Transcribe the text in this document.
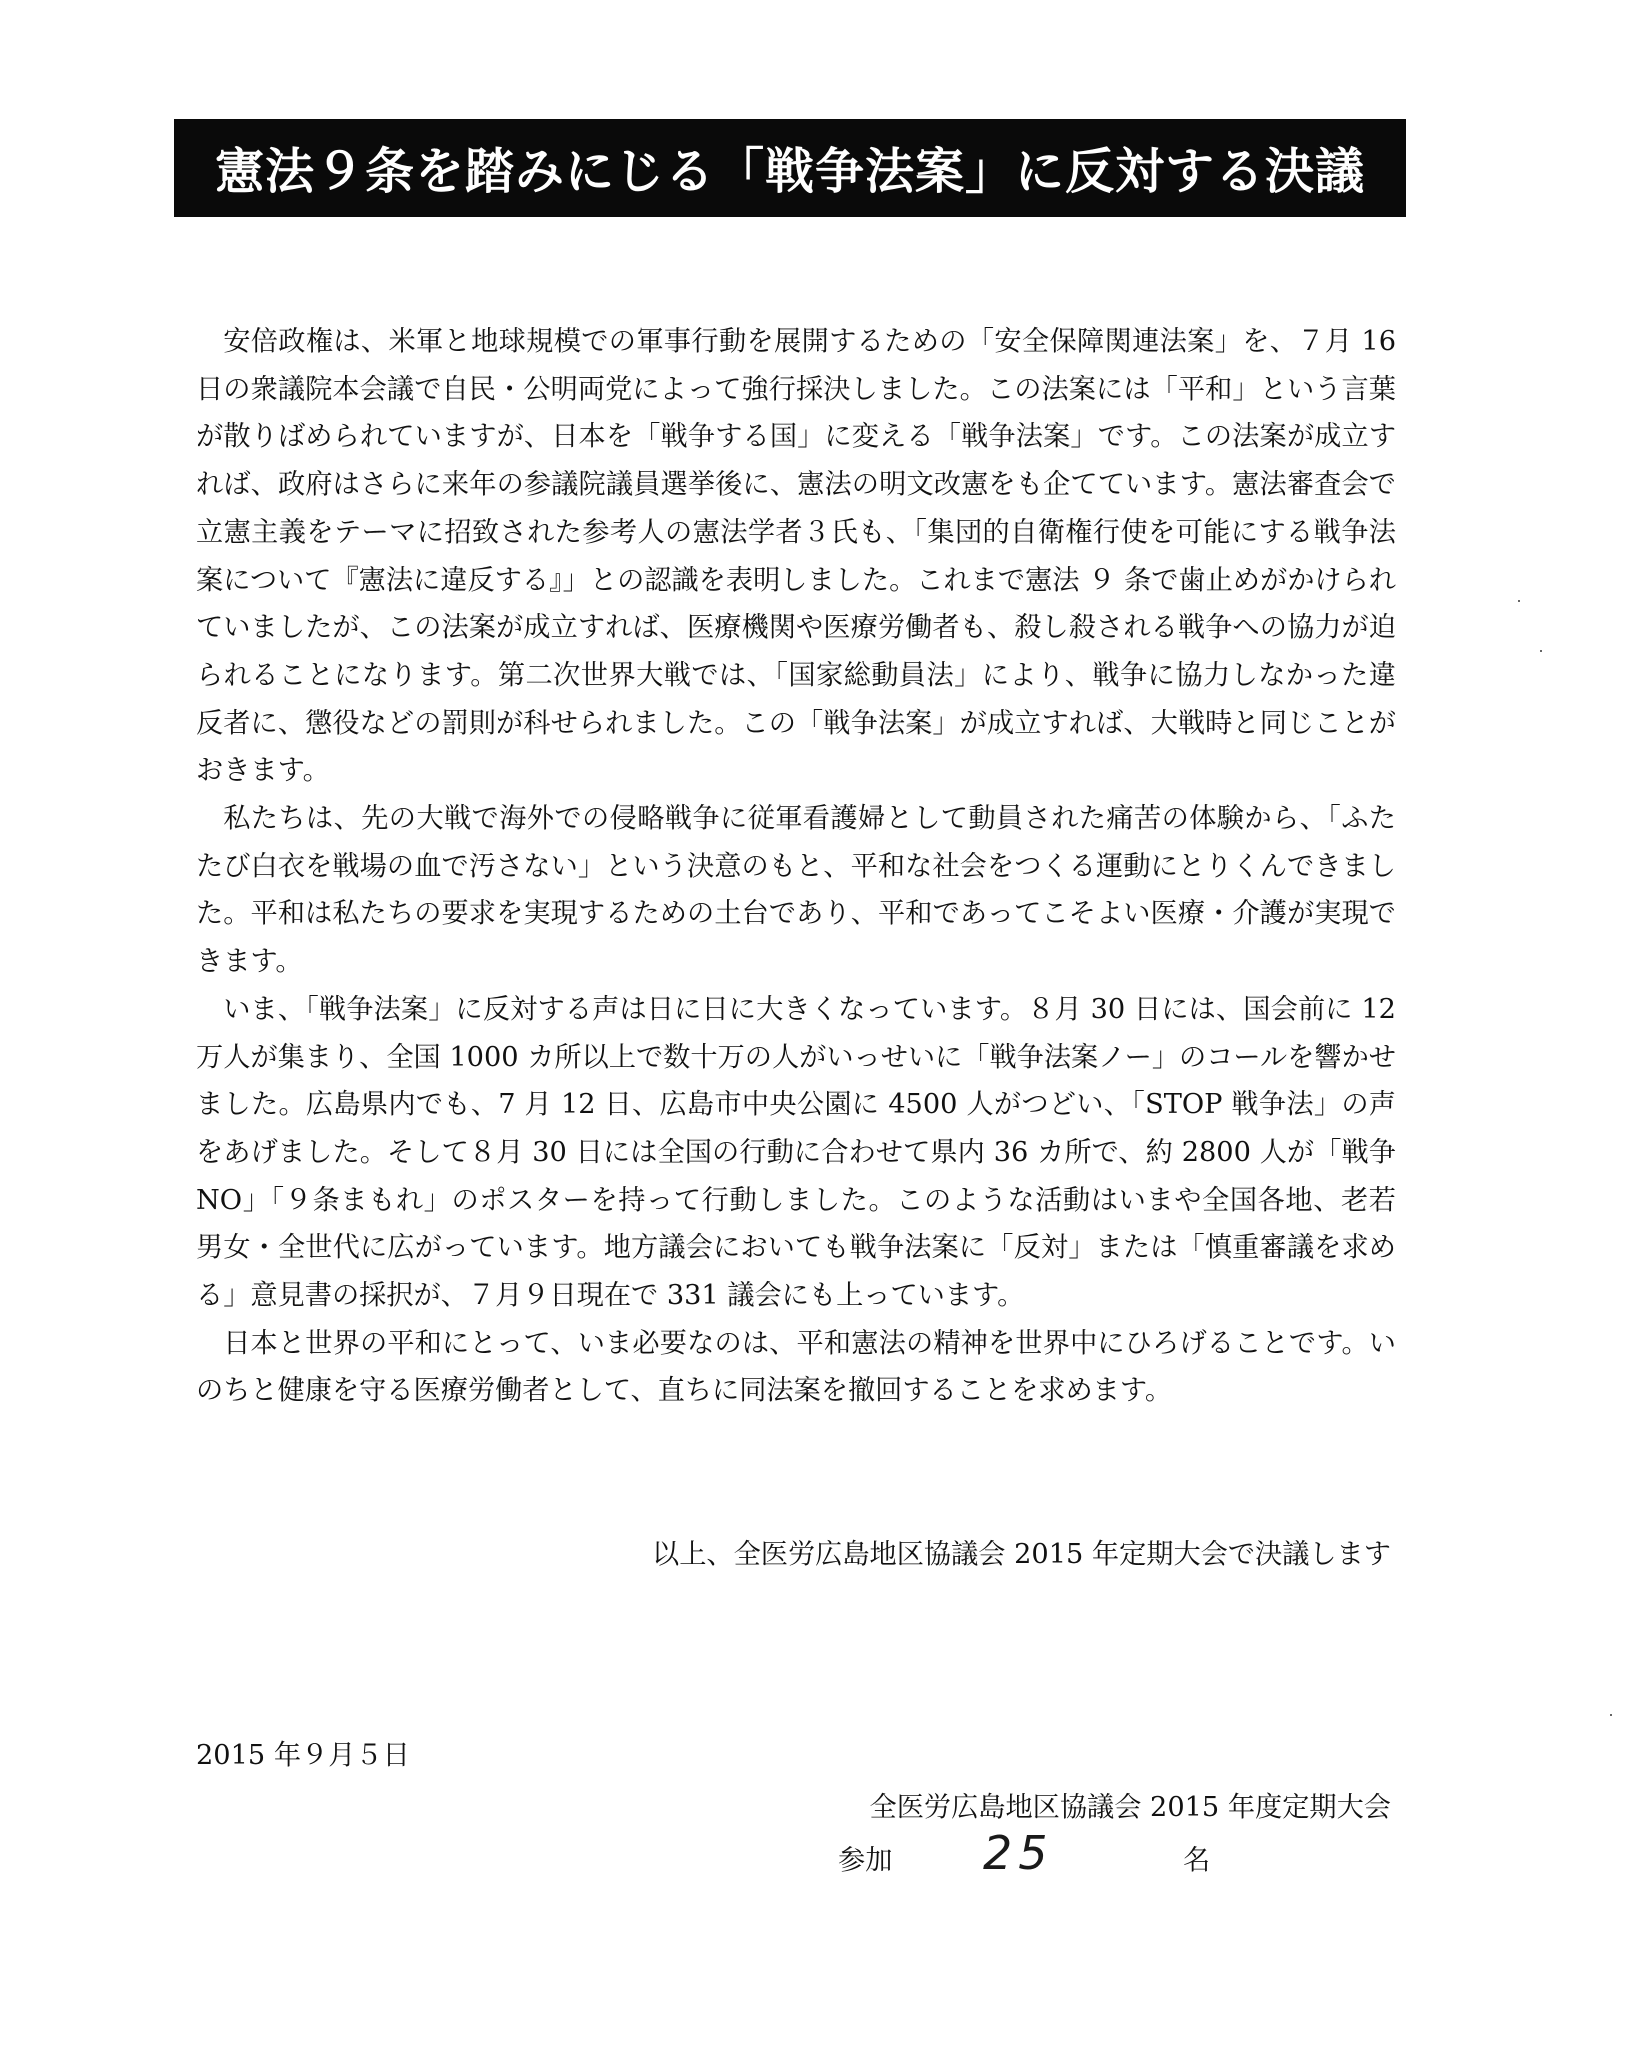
憲法９条を踏みにじる「戦争法案」に反対する決議

安倍政権は、米軍と地球規模での軍事行動を展開するための「安全保障関連法案」を、７月 16 日の衆議院本会議で自民・公明両党によって強行採決しました。この法案には「平和」という言葉が散りばめられていますが、日本を「戦争する国」に変える「戦争法案」です。この法案が成立すれば、政府はさらに来年の参議院議員選挙後に、憲法の明文改憲をも企てています。憲法審査会で立憲主義をテーマに招致された参考人の憲法学者３氏も、「集団的自衛権行使を可能にする戦争法案について『憲法に違反する』」との認識を表明しました。これまで憲法 ９ 条で歯止めがかけられていましたが、この法案が成立すれば、医療機関や医療労働者も、殺し殺される戦争への協力が迫られることになります。第二次世界大戦では、「国家総動員法」により、戦争に協力しなかった違反者に、懲役などの罰則が科せられました。この「戦争法案」が成立すれば、大戦時と同じことがおきます。

私たちは、先の大戦で海外での侵略戦争に従軍看護婦として動員された痛苦の体験から、「ふたたび白衣を戦場の血で汚さない」という決意のもと、平和な社会をつくる運動にとりくんできました。平和は私たちの要求を実現するための土台であり、平和であってこそよい医療・介護が実現できます。

いま、「戦争法案」に反対する声は日に日に大きくなっています。８月 30 日には、国会前に 12 万人が集まり、全国 1000 カ所以上で数十万の人がいっせいに「戦争法案ノー」のコールを響かせました。広島県内でも、7 月 12 日、広島市中央公園に 4500 人がつどい、「STOP 戦争法」の声をあげました。そして８月 30 日には全国の行動に合わせて県内 36 カ所で、約 2800 人が「戦争 NO」「９条まもれ」のポスターを持って行動しました。このような活動はいまや全国各地、老若男女・全世代に広がっています。地方議会においても戦争法案に「反対」または「慎重審議を求める」意見書の採択が、７月９日現在で 331 議会にも上っています。

日本と世界の平和にとって、いま必要なのは、平和憲法の精神を世界中にひろげることです。いのちと健康を守る医療労働者として、直ちに同法案を撤回することを求めます。

以上、全医労広島地区協議会 2015 年定期大会で決議します
2015 年９月５日
全医労広島地区協議会 2015 年度定期大会
参加 25	名
